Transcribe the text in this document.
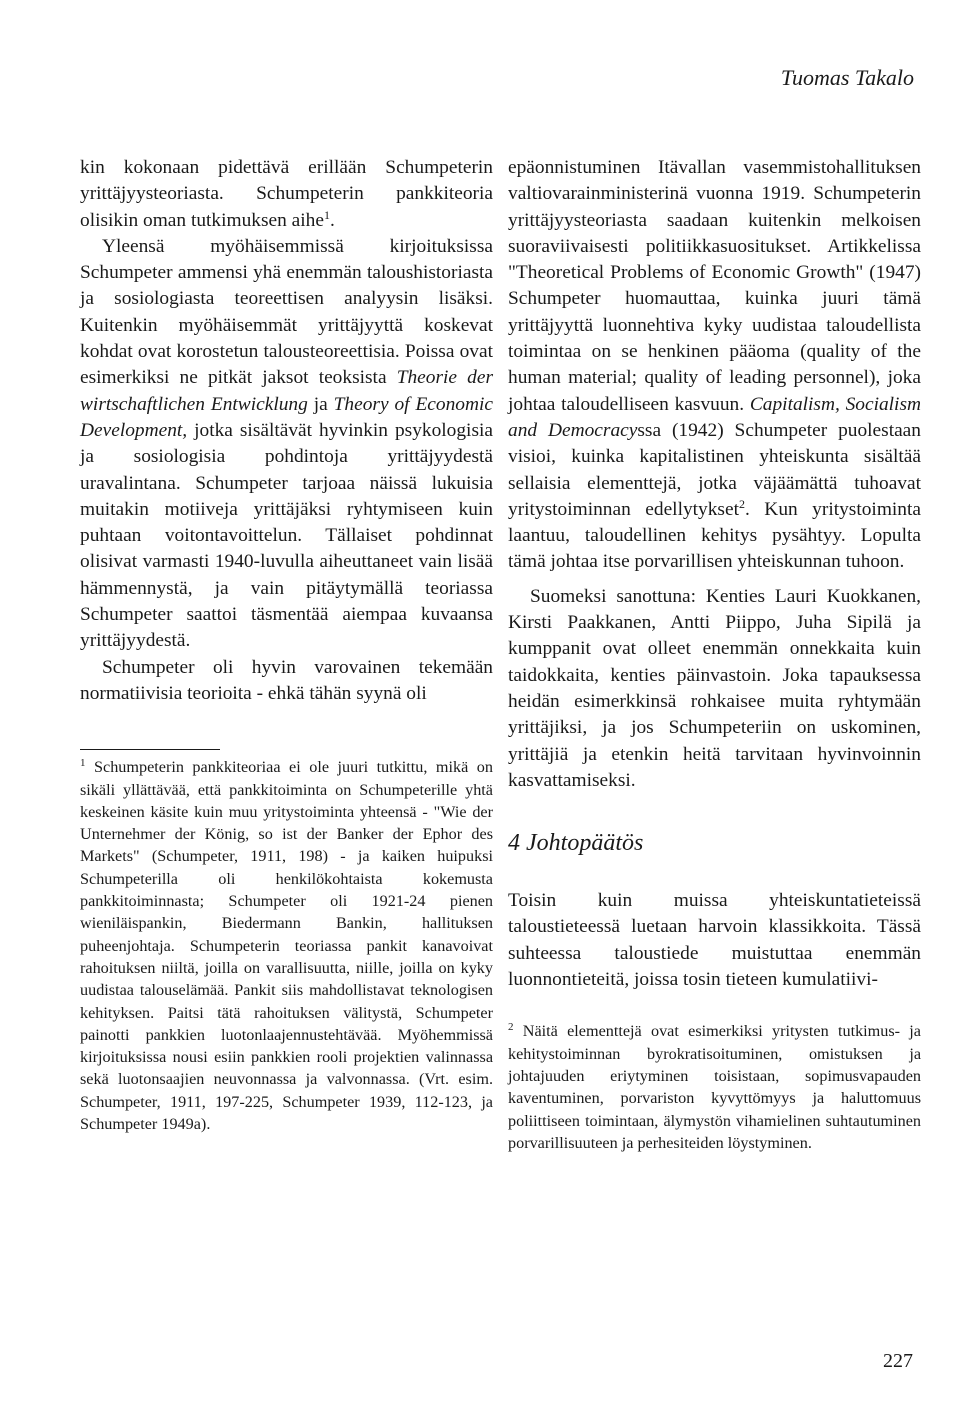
Tuomas Takalo

kin kokonaan pidettävä erillään Schumpeterin yrittäjyysteoriasta. Schumpeterin pankkiteoria olisikin oman tutkimuksen aihe$^1$.

Yleensä myöhäisemmissä kirjoituksissa Schumpeter ammensi yhä enemmän taloushistoriasta ja sosiologiasta teoreettisen analyysin lisäksi. Kuitenkin myöhäisemmät yrittäjyyttä koskevat kohdat ovat korostetun talousteoreettisia. Poissa ovat esimerkiksi ne pitkät jaksot teoksista Theorie der wirtschaftlichen Entwicklung ja Theory of Economic Development, jotka sisältävät hyvinkin psykologisia ja sosiologisia pohdintoja yrittäjyydestä uravalintana. Schumpeter tarjoaa näissä lukuisia muitakin motiiveja yrittäjäksi ryhtymiseen kuin puhtaan voitontavoittelun. Tällaiset pohdinnat olisivat varmasti 1940-luvulla aiheuttaneet vain lisää hämmennystä, ja vain pitäytymällä teoriassa Schumpeter saattoi täsmentää aiempaa kuvaansa yrittäjyydestä.

Schumpeter oli hyvin varovainen tekemään normatiivisia teorioita - ehkä tähän syynä oli

$^1$ Schumpeterin pankkiteoriaa ei ole juuri tutkittu, mikä on sikäli yllättävää, että pankkitoiminta on Schumpeterille yhtä keskeinen käsite kuin muu yritystoiminta yhteensä - "Wie der Unternehmer der König, so ist der Banker der Ephor des Markets" (Schumpeter, 1911, 198) - ja kaiken huipuksi Schumpeterilla oli henkilökohtaista kokemusta pankkitoiminnasta; Schumpeter oli 1921-24 pienen wieniläispankin, Biedermann Bankin, hallituksen puheenjohtaja. Schumpeterin teoriassa pankit kanavoivat rahoituksen niiltä, joilla on varallisuutta, niille, joilla on kyky uudistaa talouselämää. Pankit siis mahdollistavat teknologisen kehityksen. Paitsi tätä rahoituksen välitystä, Schumpeter painotti pankkien luotonlaajennustehtävää. Myöhemmissä kirjoituksissa nousi esiin pankkien rooli projektien valinnassa sekä luotonsaajien neuvonnassa ja valvonnassa. (Vrt. esim. Schumpeter, 1911, 197-225, Schumpeter 1939, 112-123, ja Schumpeter 1949a).

epäonnistuminen Itävallan vasemmistohallituksen valtiovarainministerinä vuonna 1919. Schumpeterin yrittäjyysteoriasta saadaan kuitenkin melkoisen suoraviivaisesti politiikkasuositukset. Artikkelissa "Theoretical Problems of Economic Growth" (1947) Schumpeter huomauttaa, kuinka juuri tämä yrittäjyyttä luonnehtiva kyky uudistaa taloudellista toimintaa on se henkinen pääoma (quality of the human material; quality of leading personnel), joka johtaa taloudelliseen kasvuun. Capitalism, Socialism and Democracyssa (1942) Schumpeter puolestaan visioi, kuinka kapitalistinen yhteiskunta sisältää sellaisia elementtejä, jotka väjäämättä tuhoavat yritystoiminnan edellytykset$^2$. Kun yritystoiminta laantuu, taloudellinen kehitys pysähtyy. Lopulta tämä johtaa itse porvarillisen yhteiskunnan tuhoon.

Suomeksi sanottuna: Kenties Lauri Kuokkanen, Kirsti Paakkanen, Antti Piippo, Juha Sipilä ja kumppanit ovat olleet enemmän onnekkaita kuin taidokkaita, kenties päinvastoin. Joka tapauksessa heidän esimerkkinsä rohkaisee muita ryhtymään yrittäjiksi, ja jos Schumpeteriin on uskominen, yrittäjiä ja etenkin heitä tarvitaan hyvinvoinnin kasvattamiseksi.

4 Johtopäätös

Toisin kuin muissa yhteiskuntatieteissä taloustieteessä luetaan harvoin klassikkoita. Tässä suhteessa taloustiede muistuttaa enemmän luonnontieteitä, joissa tosin tieteen kumulatiivi-

$^2$ Näitä elementtejä ovat esimerkiksi yritysten tutkimus- ja kehitystoiminnan byrokratisoituminen, omistuksen ja johtajuuden eriytyminen toisistaan, sopimusvapauden kaventuminen, porvariston kyvyttömyys ja haluttomuus poliittiseen toimintaan, älymystön vihamielinen suhtautuminen porvarillisuuteen ja perhesiteiden löystyminen.

227
